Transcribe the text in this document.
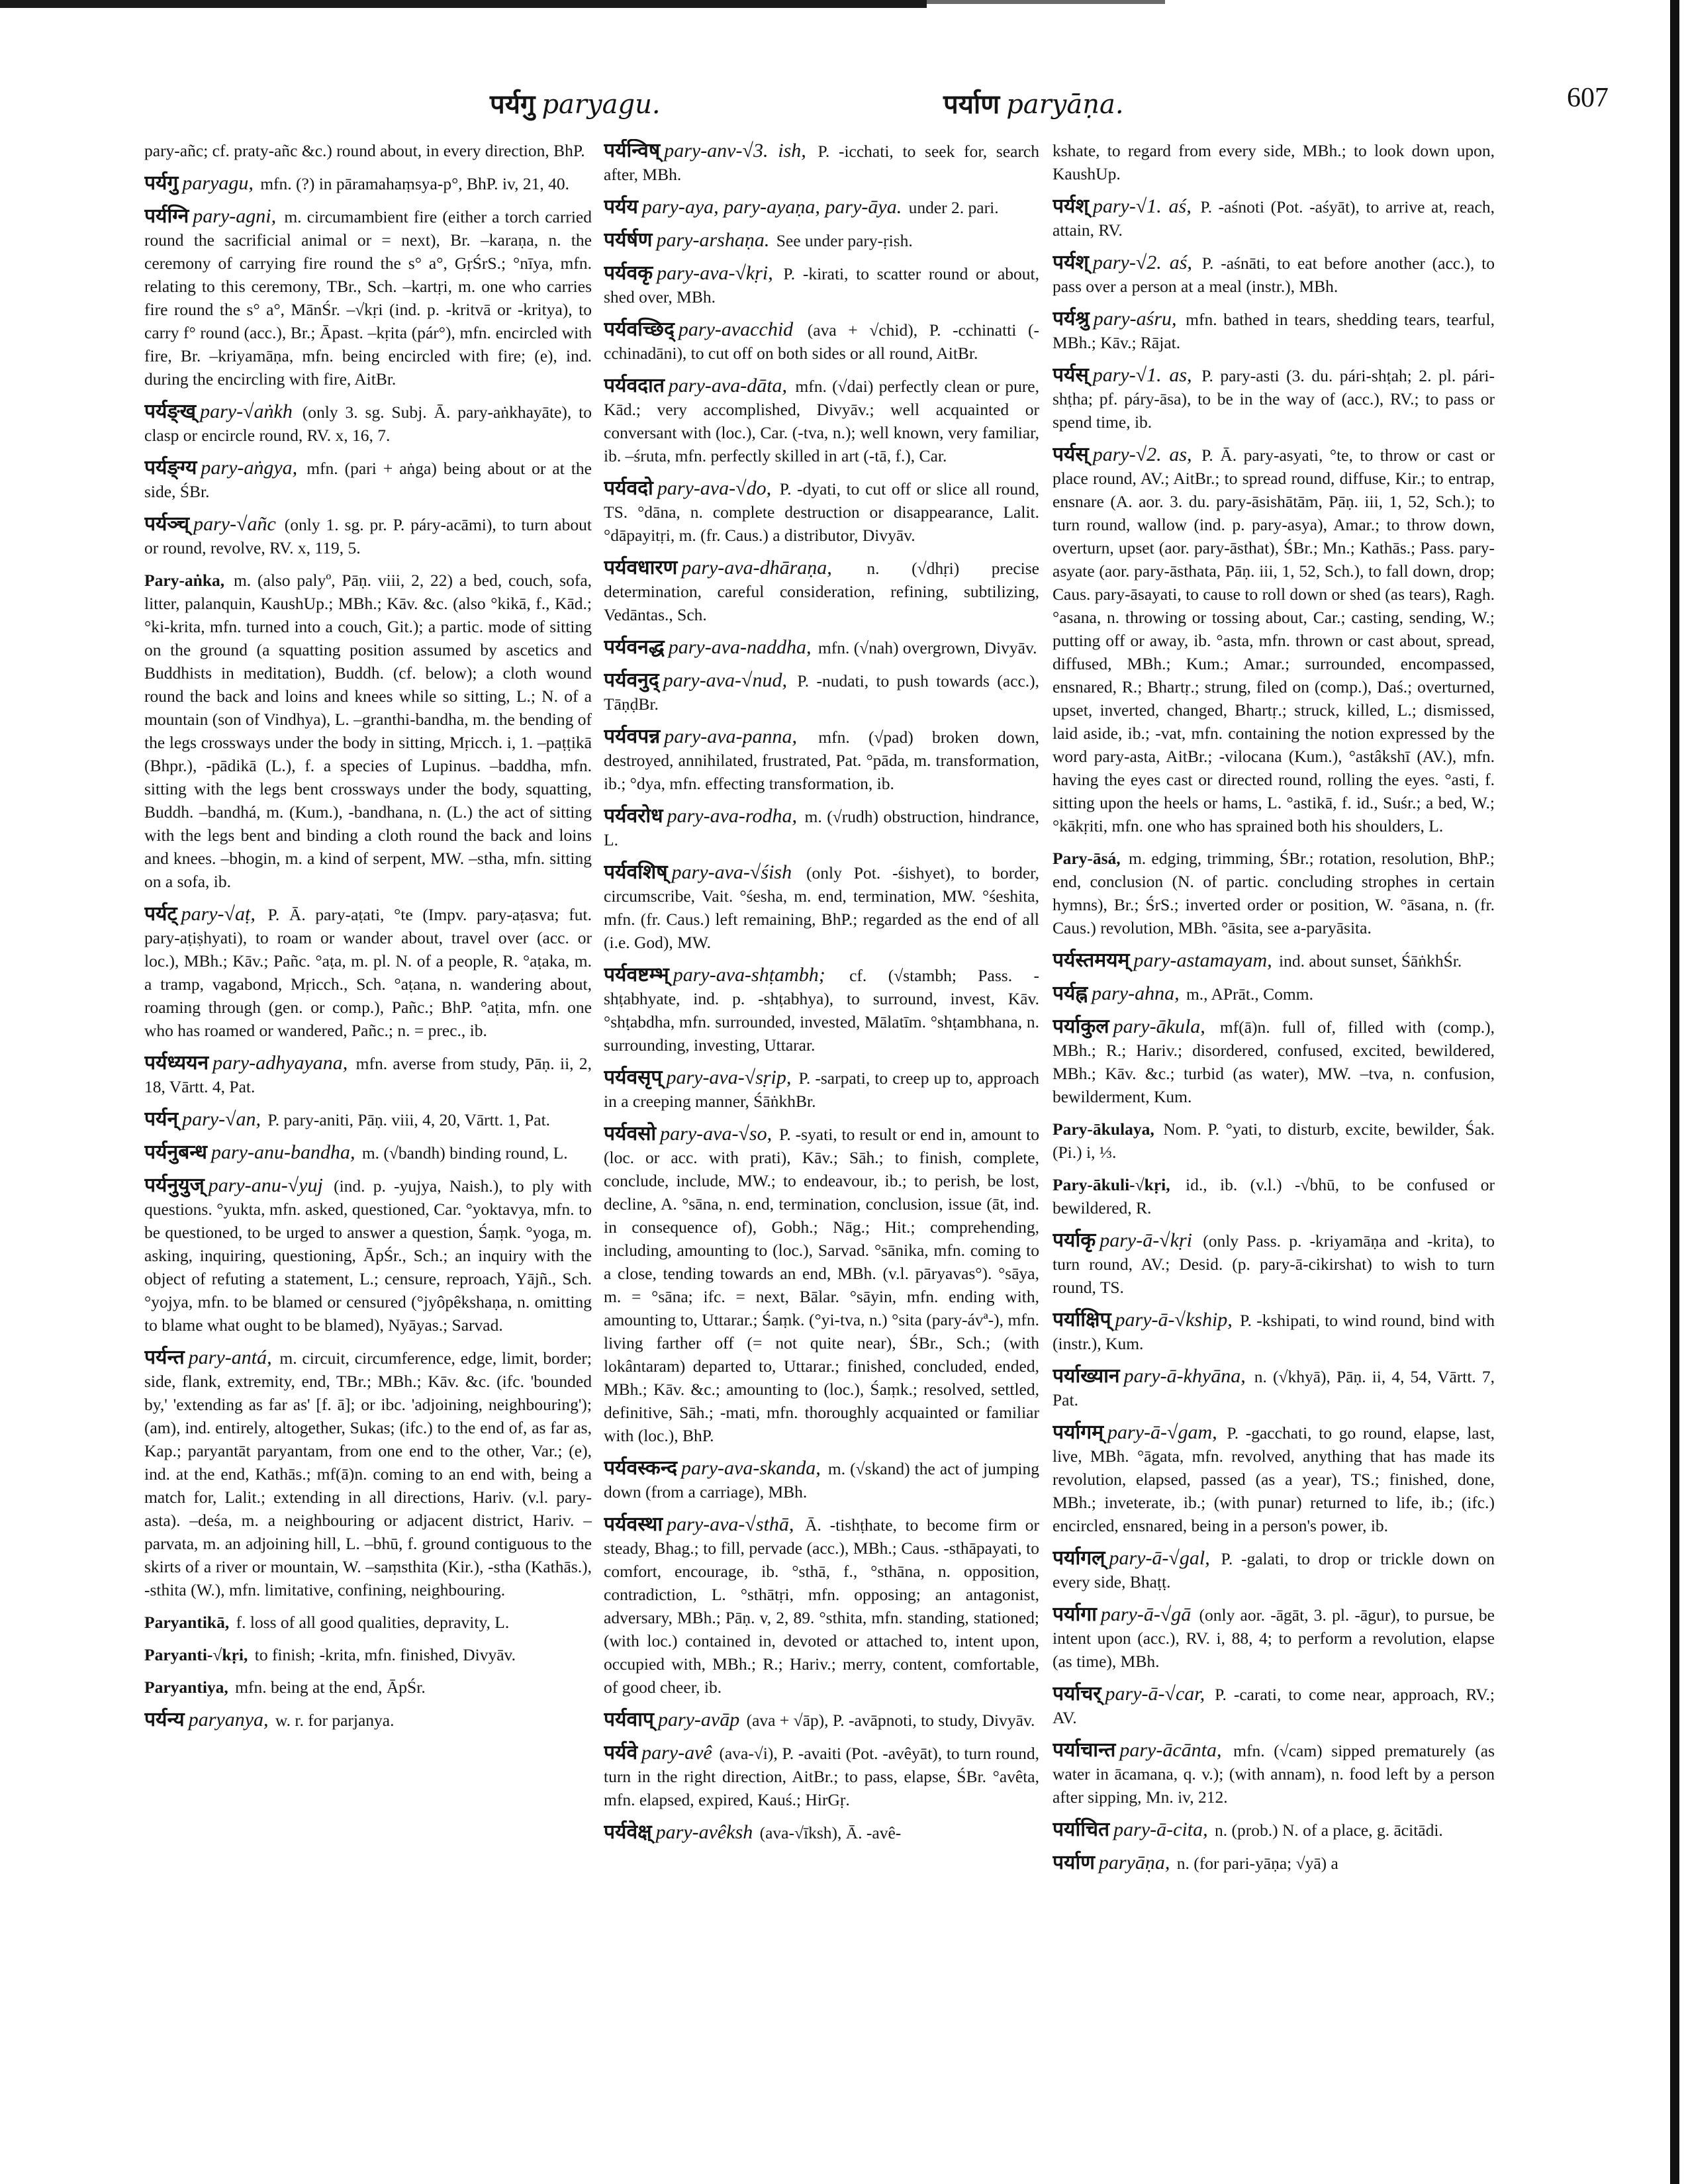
पर्यगु paryagu.	पर्याण paryāṇa.	607
pary-añc; cf. praty-añc &c.) round about, in every direction, BhP.
पर्यगु paryagu, mfn. (?) in pāramahaṃsya-p°, BhP. iv, 21, 40.
पर्यग्नि pary-agni, m. circumambient fire (either a torch carried round the sacrificial animal or = next), Br. –karaṇa, n. the ceremony of carrying fire round the s° a°, GṛŚrS.; °nīya, mfn. relating to this ceremony, TBr., Sch. –kartṛi, m. one who carries fire round the s° a°, MānŚr. –√kṛi (ind. p. -kritvā or -kritya), to carry f° round (acc.), Br.; Āpast. –kṛita (pár°), mfn. encircled with fire, Br. –kriyamāṇa, mfn. being encircled with fire; (e), ind. during the encircling with fire, AitBr.
पर्यङ्ख् pary-√aṅkh (only 3. sg. Subj. Ā. pary-aṅkhayāte), to clasp or encircle round, RV. x, 16, 7.
पर्यङ्ग्य pary-aṅgya, mfn. (pari + aṅga) being about or at the side, ŚBr.
पर्यञ्च् pary-√añc (only 1. sg. pr. P. páry-acāmi), to turn about or round, revolve, RV. x, 119, 5.
Pary-aṅka, m. (also palyº, Pāṇ. viii, 2, 22) a bed, couch, sofa, litter, palanquin, KaushUp.; MBh.; Kāv. &c. (also °kikā, f., Kād.; °ki-krita, mfn. turned into a couch, Git.); a partic. mode of sitting on the ground (a squatting position assumed by ascetics and Buddhists in meditation), Buddh. (cf. below); a cloth wound round the back and loins and knees while so sitting, L.; N. of a mountain (son of Vindhya), L. –granthi-bandha, m. the bending of the legs crossways under the body in sitting, Mṛicch. i, 1. –paṭṭikā (Bhpr.), -pādikā (L.), f. a species of Lupinus. –baddha, mfn. sitting with the legs bent crossways under the body, squatting, Buddh. –bandhá, m. (Kum.), -bandhana, n. (L.) the act of sitting with the legs bent and binding a cloth round the back and loins and knees. –bhogin, m. a kind of serpent, MW. –stha, mfn. sitting on a sofa, ib.
पर्यट् pary-√aṭ, P. Ā. pary-aṭati, °te (Impv. pary-aṭasva; fut. pary-aṭiṣhyati), to roam or wander about, travel over (acc. or loc.), MBh.; Kāv.; Pañc. °aṭa, m. pl. N. of a people, R. °aṭaka, m. a tramp, vagabond, Mṛicch., Sch. °aṭana, n. wandering about, roaming through (gen. or comp.), Pañc.; BhP. °aṭita, mfn. one who has roamed or wandered, Pañc.; n. = prec., ib.
पर्यध्ययन pary-adhyayana, mfn. averse from study, Pāṇ. ii, 2, 18, Vārtt. 4, Pat.
पर्यन् pary-√an, P. pary-aniti, Pāṇ. viii, 4, 20, Vārtt. 1, Pat.
पर्यनुबन्ध pary-anu-bandha, m. (√bandh) binding round, L.
पर्यनुयुज् pary-anu-√yuj (ind. p. -yujya, Naish.), to ply with questions. °yukta, mfn. asked, questioned, Car. °yoktavya, mfn. to be questioned, to be urged to answer a question, Śaṃk. °yoga, m. asking, inquiring, questioning, ĀpŚr., Sch.; an inquiry with the object of refuting a statement, L.; censure, reproach, Yājñ., Sch. °yojya, mfn. to be blamed or censured (°jyôpêkshaṇa, n. omitting to blame what ought to be blamed), Nyāyas.; Sarvad.
पर्यन्त pary-antá, m. circuit, circumference, edge, limit, border; side, flank, extremity, end, TBr.; MBh.; Kāv. &c. (ifc. 'bounded by,' 'extending as far as' [f. ā]; or ibc. 'adjoining, neighbouring'); (am), ind. entirely, altogether, Sukas; (ifc.) to the end of, as far as, Kap.; paryantāt paryantam, from one end to the other, Var.; (e), ind. at the end, Kathās.; mf(ā)n. coming to an end with, being a match for, Lalit.; extending in all directions, Hariv. (v.l. pary-asta). –deśa, m. a neighbouring or adjacent district, Hariv. –parvata, m. an adjoining hill, L. –bhū, f. ground contiguous to the skirts of a river or mountain, W. –saṃsthita (Kir.), -stha (Kathās.), -sthita (W.), mfn. limitative, confining, neighbouring.
Paryantikā, f. loss of all good qualities, depravity, L.
Paryanti-√kṛi, to finish; -krita, mfn. finished, Divyāv.
Paryantiya, mfn. being at the end, ĀpŚr.
पर्यन्य paryanya, w. r. for parjanya.
पर्यन्विष् pary-anv-√3. ish, P. -icchati, to seek for, search after, MBh.
पर्यय pary-aya, pary-ayaṇa, pary-āya. under 2. pari.
पर्यर्षण pary-arshaṇa. See under pary-ṛish.
पर्यवकृ pary-ava-√kṛi, P. -kirati, to scatter round or about, shed over, MBh.
पर्यवच्छिद् pary-avacchid (ava + √chid), P. -cchinatti (-cchinadāni), to cut off on both sides or all round, AitBr.
पर्यवदात pary-ava-dāta, mfn. (√dai) perfectly clean or pure, Kād.; very accomplished, Divyāv.; well acquainted or conversant with (loc.), Car. (-tva, n.); well known, very familiar, ib. –śruta, mfn. perfectly skilled in art (-tā, f.), Car.
पर्यवदो pary-ava-√do, P. -dyati, to cut off or slice all round, TS. °dāna, n. complete destruction or disappearance, Lalit. °dāpayitṛi, m. (fr. Caus.) a distributor, Divyāv.
पर्यवधारण pary-ava-dhāraṇa, n. (√dhṛi) precise determination, careful consideration, refining, subtilizing, Vedāntas., Sch.
पर्यवनद्ध pary-ava-naddha, mfn. (√nah) overgrown, Divyāv.
पर्यवनुद् pary-ava-√nud, P. -nudati, to push towards (acc.), TāṇḍBr.
पर्यवपन्न pary-ava-panna, mfn. (√pad) broken down, destroyed, annihilated, frustrated, Pat. °pāda, m. transformation, ib.; °dya, mfn. effecting transformation, ib.
पर्यवरोध pary-ava-rodha, m. (√rudh) obstruction, hindrance, L.
पर्यवशिष् pary-ava-√śish (only Pot. -śishyet), to border, circumscribe, Vait. °śesha, m. end, termination, MW. °śeshita, mfn. (fr. Caus.) left remaining, BhP.; regarded as the end of all (i.e. God), MW.
पर्यवष्टम्भ् pary-ava-shṭambh; cf. (√stambh; Pass. -shṭabhyate, ind. p. -shṭabhya), to surround, invest, Kāv. °shṭabdha, mfn. surrounded, invested, Mālatīm. °shṭambhana, n. surrounding, investing, Uttarar.
पर्यवसृप् pary-ava-√sṛip, P. -sarpati, to creep up to, approach in a creeping manner, ŚāṅkhBr.
पर्यवसो pary-ava-√so, P. -syati, to result or end in, amount to (loc. or acc. with prati), Kāv.; Sāh.; to finish, complete, conclude, include, MW.; to endeavour, ib.; to perish, be lost, decline, A. °sāna, n. end, termination, conclusion, issue (āt, ind. in consequence of), Gobh.; Nāg.; Hit.; comprehending, including, amounting to (loc.), Sarvad. °sānika, mfn. coming to a close, tending towards an end, MBh. (v.l. pāryavas°). °sāya, m. = °sāna; ifc. = next, Bālar. °sāyin, mfn. ending with, amounting to, Uttarar.; Śaṃk. (°yi-tva, n.) °sita (pary-ávª-), mfn. living farther off (= not quite near), ŚBr., Sch.; (with lokântaram) departed to, Uttarar.; finished, concluded, ended, MBh.; Kāv. &c.; amounting to (loc.), Śaṃk.; resolved, settled, definitive, Sāh.; -mati, mfn. thoroughly acquainted or familiar with (loc.), BhP.
पर्यवस्कन्द pary-ava-skanda, m. (√skand) the act of jumping down (from a carriage), MBh.
पर्यवस्था pary-ava-√sthā, Ā. -tishṭhate, to become firm or steady, Bhag.; to fill, pervade (acc.), MBh.; Caus. -sthāpayati, to comfort, encourage, ib. °sthā, f., °sthāna, n. opposition, contradiction, L. °sthātṛi, mfn. opposing; an antagonist, adversary, MBh.; Pāṇ. v, 2, 89. °sthita, mfn. standing, stationed; (with loc.) contained in, devoted or attached to, intent upon, occupied with, MBh.; R.; Hariv.; merry, content, comfortable, of good cheer, ib.
पर्यवाप् pary-avāp (ava + √āp), P. -avāpnoti, to study, Divyāv.
पर्यवे pary-avê (ava-√i), P. -avaiti (Pot. -avêyāt), to turn round, turn in the right direction, AitBr.; to pass, elapse, ŚBr. °avêta, mfn. elapsed, expired, Kauś.; HirGṛ.
पर्यवेक्ष् pary-avêksh (ava-√īksh), Ā. -avê-
kshate, to regard from every side, MBh.; to look down upon, KaushUp.
पर्यश् pary-√1. aś, P. -aśnoti (Pot. -aśyāt), to arrive at, reach, attain, RV.
पर्यश् pary-√2. aś, P. -aśnāti, to eat before another (acc.), to pass over a person at a meal (instr.), MBh.
पर्यश्रु pary-aśru, mfn. bathed in tears, shedding tears, tearful, MBh.; Kāv.; Rājat.
पर्यस् pary-√1. as, P. pary-asti (3. du. pári-shṭah; 2. pl. pári-shṭha; pf. páry-āsa), to be in the way of (acc.), RV.; to pass or spend time, ib.
पर्यस् pary-√2. as, P. Ā. pary-asyati, °te, to throw or cast or place round, AV.; AitBr.; to spread round, diffuse, Kir.; to entrap, ensnare (A. aor. 3. du. pary-āsishātām, Pāṇ. iii, 1, 52, Sch.); to turn round, wallow (ind. p. pary-asya), Amar.; to throw down, overturn, upset (aor. pary-āsthat), ŚBr.; Mn.; Kathās.; Pass. pary-asyate (aor. pary-āsthata, Pāṇ. iii, 1, 52, Sch.), to fall down, drop; Caus. pary-āsayati, to cause to roll down or shed (as tears), Ragh. °asana, n. throwing or tossing about, Car.; casting, sending, W.; putting off or away, ib. °asta, mfn. thrown or cast about, spread, diffused, MBh.; Kum.; Amar.; surrounded, encompassed, ensnared, R.; Bhartṛ.; strung, filed on (comp.), Daś.; overturned, upset, inverted, changed, Bhartṛ.; struck, killed, L.; dismissed, laid aside, ib.; -vat, mfn. containing the notion expressed by the word pary-asta, AitBr.; -vilocana (Kum.), °astâkshī (AV.), mfn. having the eyes cast or directed round, rolling the eyes. °asti, f. sitting upon the heels or hams, L. °astikā, f. id., Suśr.; a bed, W.; °kākṛiti, mfn. one who has sprained both his shoulders, L.
Pary-āsá, m. edging, trimming, ŚBr.; rotation, resolution, BhP.; end, conclusion (N. of partic. concluding strophes in certain hymns), Br.; ŚrS.; inverted order or position, W. °āsana, n. (fr. Caus.) revolution, MBh. °āsita, see a-paryāsita.
पर्यस्तमयम् pary-astamayam, ind. about sunset, ŚāṅkhŚr.
पर्यह्न pary-ahna, m., APrāt., Comm.
पर्याकुल pary-ākula, mf(ā)n. full of, filled with (comp.), MBh.; R.; Hariv.; disordered, confused, excited, bewildered, MBh.; Kāv. &c.; turbid (as water), MW. –tva, n. confusion, bewilderment, Kum.
Pary-ākulaya, Nom. P. °yati, to disturb, excite, bewilder, Śak. (Pi.) i, ⅓.
Pary-ākuli-√kṛi, id., ib. (v.l.) -√bhū, to be confused or bewildered, R.
पर्याकृ pary-ā-√kṛi (only Pass. p. -kriyamāṇa and -krita), to turn round, AV.; Desid. (p. pary-ā-cikirshat) to wish to turn round, TS.
पर्याक्षिप् pary-ā-√kship, P. -kshipati, to wind round, bind with (instr.), Kum.
पर्याख्यान pary-ā-khyāna, n. (√khyā), Pāṇ. ii, 4, 54, Vārtt. 7, Pat.
पर्यागम् pary-ā-√gam, P. -gacchati, to go round, elapse, last, live, MBh. °āgata, mfn. revolved, anything that has made its revolution, elapsed, passed (as a year), TS.; finished, done, MBh.; inveterate, ib.; (with punar) returned to life, ib.; (ifc.) encircled, ensnared, being in a person's power, ib.
पर्यागल् pary-ā-√gal, P. -galati, to drop or trickle down on every side, Bhaṭṭ.
पर्यागा pary-ā-√gā (only aor. -āgāt, 3. pl. -āgur), to pursue, be intent upon (acc.), RV. i, 88, 4; to perform a revolution, elapse (as time), MBh.
पर्याचर् pary-ā-√car, P. -carati, to come near, approach, RV.; AV.
पर्याचान्त pary-ācānta, mfn. (√cam) sipped prematurely (as water in ācamana, q. v.); (with annam), n. food left by a person after sipping, Mn. iv, 212.
पर्याचित pary-ā-cita, n. (prob.) N. of a place, g. ācitādi.
पर्याण paryāṇa, n. (for pari-yāṇa; √yā) a
